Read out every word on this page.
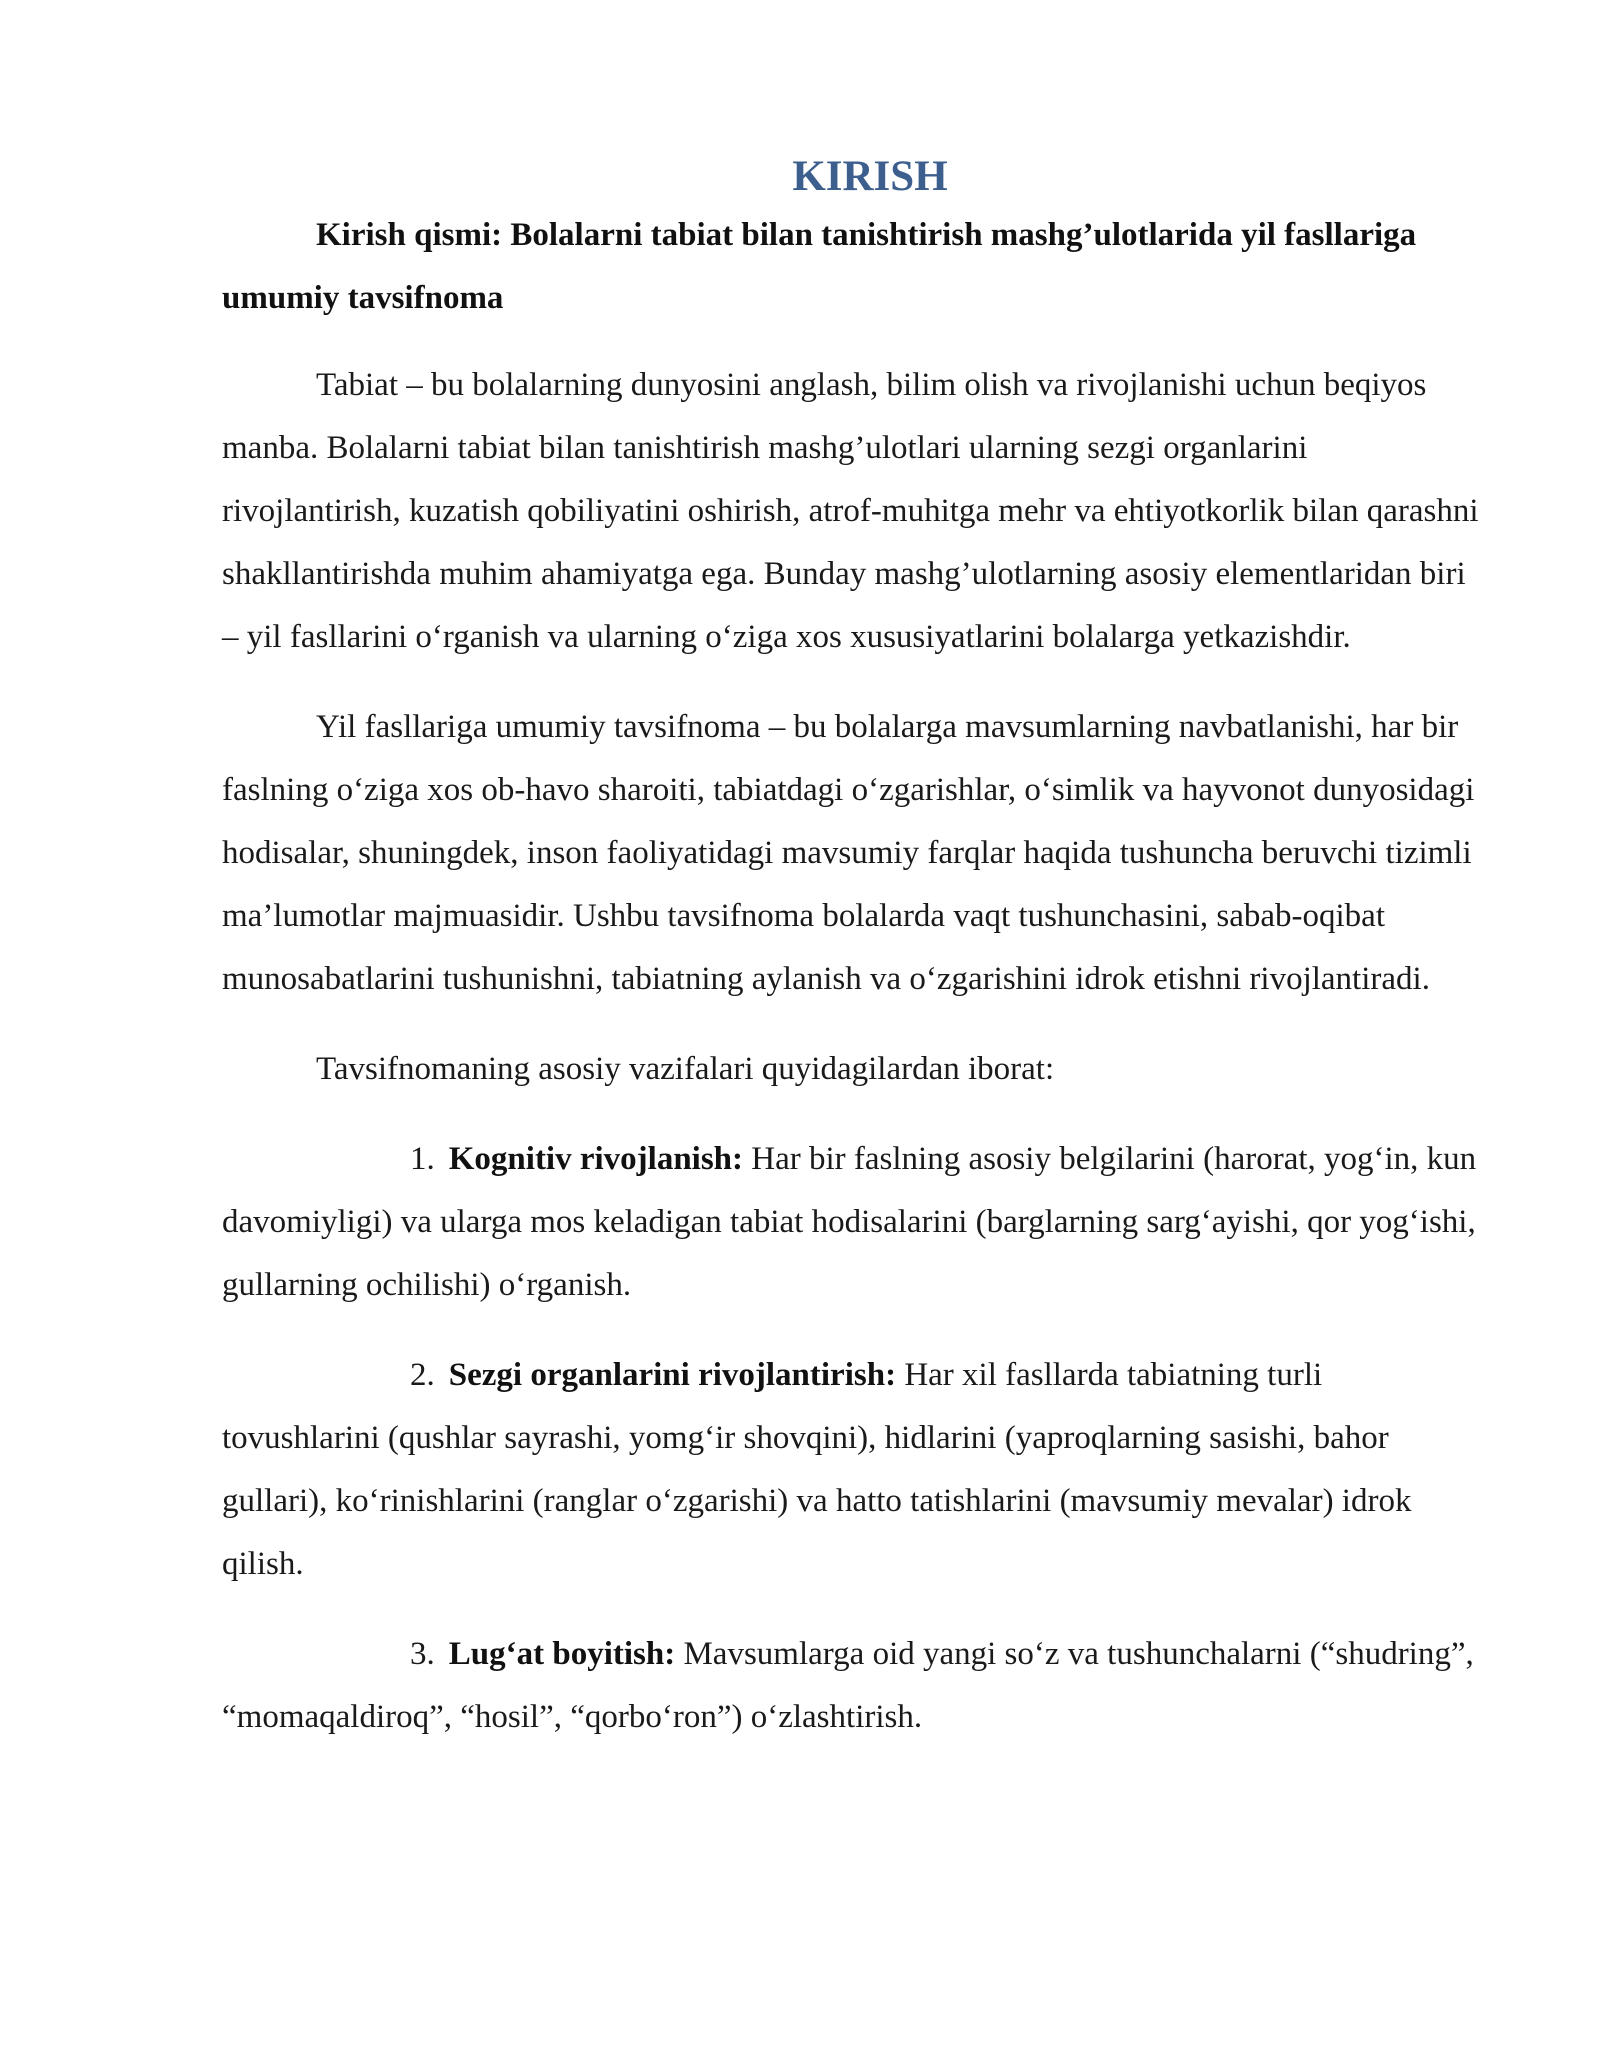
KIRISH

Kirish qismi: Bolalarni tabiat bilan tanishtirish mashg’ulotlarida yil fasllariga umumiy tavsifnoma

Tabiat – bu bolalarning dunyosini anglash, bilim olish va rivojlanishi uchun beqiyos manba. Bolalarni tabiat bilan tanishtirish mashg’ulotlari ularning sezgi organlarini rivojlantirish, kuzatish qobiliyatini oshirish, atrof-muhitga mehr va ehtiyotkorlik bilan qarashni shakllantirishda muhim ahamiyatga ega. Bunday mashg’ulotlarning asosiy elementlaridan biri – yil fasllarini o‘rganish va ularning o‘ziga xos xususiyatlarini bolalarga yetkazishdir.

Yil fasllariga umumiy tavsifnoma – bu bolalarga mavsumlarning navbatlanishi, har bir faslning o‘ziga xos ob-havo sharoiti, tabiatdagi o‘zgarishlar, o‘simlik va hayvonot dunyosidagi hodisalar, shuningdek, inson faoliyatidagi mavsumiy farqlar haqida tushuncha beruvchi tizimli ma’lumotlar majmuasidir. Ushbu tavsifnoma bolalarda vaqt tushunchasini, sabab-oqibat munosabatlarini tushunishni, tabiatning aylanish va o‘zgarishini idrok etishni rivojlantiradi.

Tavsifnomaning asosiy vazifalari quyidagilardan iborat:

1. Kognitiv rivojlanish: Har bir faslning asosiy belgilarini (harorat, yog‘in, kun davomiyligi) va ularga mos keladigan tabiat hodisalarini (barglarning sarg‘ayishi, qor yog‘ishi, gullarning ochilishi) o‘rganish.

2. Sezgi organlarini rivojlantirish: Har xil fasllarda tabiatning turli tovushlarini (qushlar sayrashi, yomg‘ir shovqini), hidlarini (yaproqlarning sasishi, bahor gullari), ko‘rinishlarini (ranglar o‘zgarishi) va hatto tatishlarini (mavsumiy mevalar) idrok qilish.

3. Lug‘at boyitish: Mavsumlarga oid yangi so‘z va tushunchalarni (“shudring”, “momaqaldiroq”, “hosil”, “qorbo‘ron”) o‘zlashtirish.
